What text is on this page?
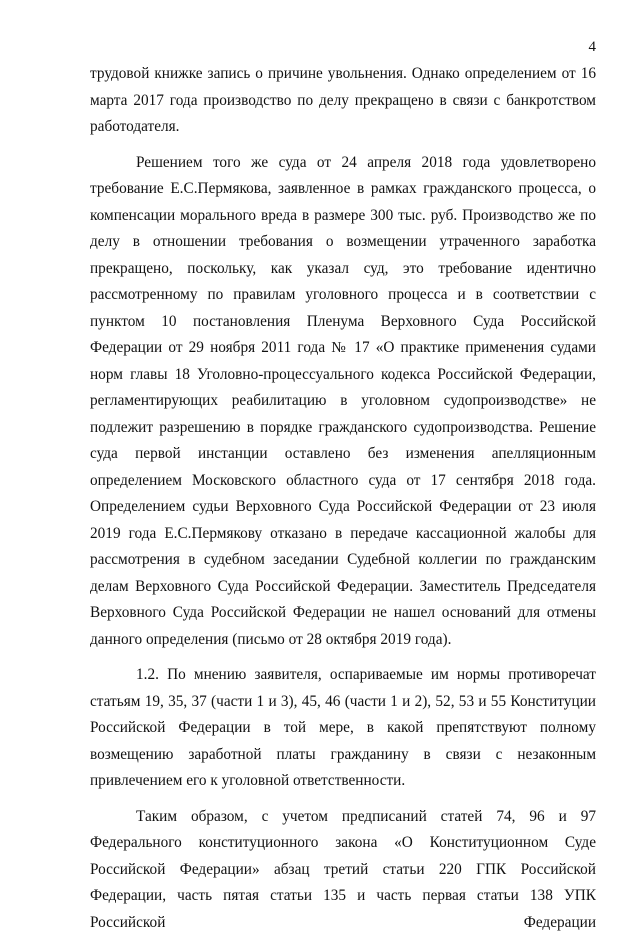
4

трудовой книжке запись о причине увольнения. Однако определением от 16 марта 2017 года производство по делу прекращено в связи с банкротством работодателя.

Решением того же суда от 24 апреля 2018 года удовлетворено требование Е.С.Пермякова, заявленное в рамках гражданского процесса, о компенсации морального вреда в размере 300 тыс. руб. Производство же по делу в отношении требования о возмещении утраченного заработка прекращено, поскольку, как указал суд, это требование идентично рассмотренному по правилам уголовного процесса и в соответствии с пунктом 10 постановления Пленума Верховного Суда Российской Федерации от 29 ноября 2011 года № 17 «О практике применения судами норм главы 18 Уголовно-процессуального кодекса Российской Федерации, регламентирующих реабилитацию в уголовном судопроизводстве» не подлежит разрешению в порядке гражданского судопроизводства. Решение суда первой инстанции оставлено без изменения апелляционным определением Московского областного суда от 17 сентября 2018 года. Определением судьи Верховного Суда Российской Федерации от 23 июля 2019 года Е.С.Пермякову отказано в передаче кассационной жалобы для рассмотрения в судебном заседании Судебной коллегии по гражданским делам Верховного Суда Российской Федерации. Заместитель Председателя Верховного Суда Российской Федерации не нашел оснований для отмены данного определения (письмо от 28 октября 2019 года).

1.2. По мнению заявителя, оспариваемые им нормы противоречат статьям 19, 35, 37 (части 1 и 3), 45, 46 (части 1 и 2), 52, 53 и 55 Конституции Российской Федерации в той мере, в какой препятствуют полному возмещению заработной платы гражданину в связи с незаконным привлечением его к уголовной ответственности.

Таким образом, с учетом предписаний статей 74, 96 и 97 Федерального конституционного закона «О Конституционном Суде Российской Федерации» абзац третий статьи 220 ГПК Российской Федерации, часть пятая статьи 135 и часть первая статьи 138 УПК Российской Федерации
